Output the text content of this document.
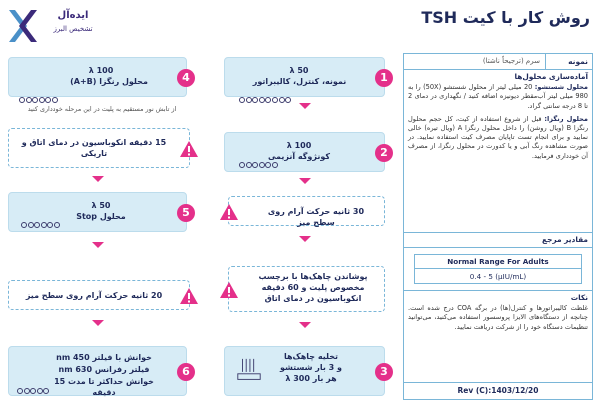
ایده‌آل
تشخیص البرز
روش کار با کیت TSH
نمونه
سرم (ترجیحاً ناشتا)
آماده‌سازی محلول‌ها
محلول شستشو: 20 میلی لیتر از محلول شستشو (50X) را به 980 میلی لیتر آب‌مقطر دیونیزه اضافه کنید / نگهداری در دمای 2 تا 8 درجه سانتی گراد.
محلول رنگزا: قبل از شروع استفاده از کیت، کل حجم محلول رنگزا B (ویال روشن) را داخل محلول رنگزا A (ویال تیره) خالی نمایید و برای انجام تست تاپایان مصرف کیت استفاده نمایید. در صورت مشاهده رنگ آبی و یا کدورت در محلول رنگزا، از مصرف آن خودداری فرمایید.
مقادیر مرجع
Normal Range For Adults
0.4 - 5 (μIU/mL)
نکات
غلظت کالیبراتورها و کنترل(ها) در برگه COA درج شده است. چنانچه از دستگاه‌های الایزا پروسسور استفاده می‌کنید، می‌توانید تنظیمات دستگاه خود را از شرکت دریافت نمایید.
Rev (C):1403/12/20
1
50 λ
نمونه، کنترل، کالیبراتور
2
100 λ
کونژوگه آنزیمی
30 ثانیه حرکت آرام روی سطح میز
پوشاندن چاهک‌ها با برچسب مخصوص پلیت و 60 دقیقه انکوباسیون در دمای اتاق
3
تخلیه چاهک‌ها
و 3 بار شستشو
هر بار 300 λ
4
100 λ
محلول رنگزا (A+B)
از تابش نور مستقیم به پلیت در این مرحله خودداری کنید
15 دقیقه انکوباسیون در دمای اتاق و تاریکی
5
50 λ
محلول Stop
20 ثانیه حرکت آرام روی سطح میز
6
خوانش با فیلتر 450 nm
فیلتر رفرانس 630 nm
خوانش حداکثر تا مدت 15 دقیقه
